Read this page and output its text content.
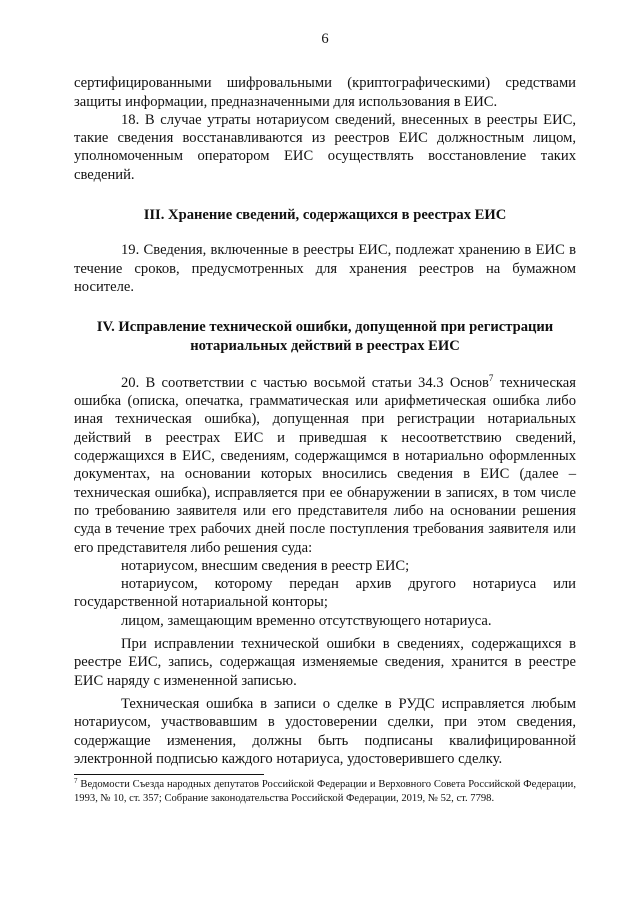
6

сертифицированными шифровальными (криптографическими) средствами защиты информации, предназначенными для использования в ЕИС.

18. В случае утраты нотариусом сведений, внесенных в реестры ЕИС, такие сведения восстанавливаются из реестров ЕИС должностным лицом, уполномоченным оператором ЕИС осуществлять восстановление таких сведений.

III. Хранение сведений, содержащихся в реестрах ЕИС

19. Сведения, включенные в реестры ЕИС, подлежат хранению в ЕИС в течение сроков, предусмотренных для хранения реестров на бумажном носителе.

IV. Исправление технической ошибки, допущенной при регистрации
нотариальных действий в реестрах ЕИС

20. В соответствии с частью восьмой статьи 34.3 Основ$^7$ техническая ошибка (описка, опечатка, грамматическая или арифметическая ошибка либо иная техническая ошибка), допущенная при регистрации нотариальных действий в реестрах ЕИС и приведшая к несоответствию сведений, содержащихся в ЕИС, сведениям, содержащимся в нотариально оформленных документах, на основании которых вносились сведения в ЕИС (далее – техническая ошибка), исправляется при ее обнаружении в записях, в том числе по требованию заявителя или его представителя либо на основании решения суда в течение трех рабочих дней после поступления требования заявителя или его представителя либо решения суда:

нотариусом, внесшим сведения в реестр ЕИС;

нотариусом, которому передан архив другого нотариуса или государственной нотариальной конторы;

лицом, замещающим временно отсутствующего нотариуса.

При исправлении технической ошибки в сведениях, содержащихся в реестре ЕИС, запись, содержащая изменяемые сведения, хранится в реестре ЕИС наряду с измененной записью.

Техническая ошибка в записи о сделке в РУДС исправляется любым нотариусом, участвовавшим в удостоверении сделки, при этом сведения, содержащие изменения, должны быть подписаны квалифицированной электронной подписью каждого нотариуса, удостоверившего сделку.

$^7$ Ведомости Съезда народных депутатов Российской Федерации и Верховного Совета Российской Федерации, 1993, № 10, ст. 357; Собрание законодательства Российской Федерации, 2019, № 52, ст. 7798.
